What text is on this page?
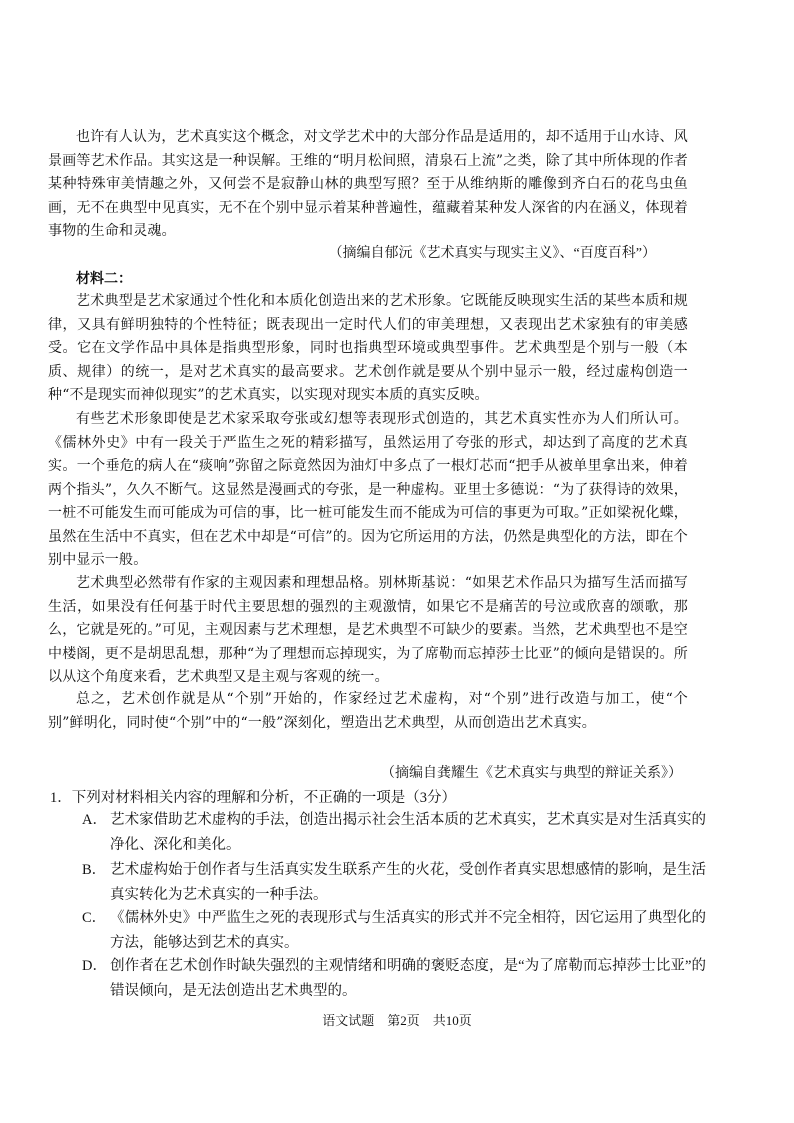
也许有人认为，艺术真实这个概念，对文学艺术中的大部分作品是适用的，却不适用于山水诗、风景画等艺术作品。其实这是一种误解。王维的“明月松间照，清泉石上流”之类，除了其中所体现的作者某种特殊审美情趣之外，又何尝不是寂静山林的典型写照？至于从维纳斯的雕像到齐白石的花鸟虫鱼画，无不在典型中见真实，无不在个别中显示着某种普遍性，蕴藏着某种发人深省的内在涵义，体现着事物的生命和灵魂。

（摘编自郁沅《艺术真实与现实主义》、“百度百科”）
材料二：

艺术典型是艺术家通过个性化和本质化创造出来的艺术形象。它既能反映现实生活的某些本质和规律，又具有鲜明独特的个性特征；既表现出一定时代人们的审美理想，又表现出艺术家独有的审美感受。它在文学作品中具体是指典型形象，同时也指典型环境或典型事件。艺术典型是个别与一般（本质、规律）的统一，是对艺术真实的最高要求。艺术创作就是要从个别中显示一般，经过虚构创造一种“不是现实而神似现实”的艺术真实，以实现对现实本质的真实反映。

有些艺术形象即使是艺术家采取夸张或幻想等表现形式创造的，其艺术真实性亦为人们所认可。《儒林外史》中有一段关于严监生之死的精彩描写，虽然运用了夸张的形式，却达到了高度的艺术真实。一个垂危的病人在“痰响”弥留之际竟然因为油灯中多点了一根灯芯而“把手从被单里拿出来，伸着两个指头”，久久不断气。这显然是漫画式的夸张，是一种虚构。亚里士多德说：“为了获得诗的效果，一桩不可能发生而可能成为可信的事，比一桩可能发生而不能成为可信的事更为可取。”正如梁祝化蝶，虽然在生活中不真实，但在艺术中却是“可信”的。因为它所运用的方法，仍然是典型化的方法，即在个别中显示一般。

艺术典型必然带有作家的主观因素和理想品格。别林斯基说：“如果艺术作品只为描写生活而描写生活，如果没有任何基于时代主要思想的强烈的主观激情，如果它不是痛苦的号泣或欣喜的颂歌，那么，它就是死的。”可见，主观因素与艺术理想，是艺术典型不可缺少的要素。当然，艺术典型也不是空中楼阁，更不是胡思乱想，那种“为了理想而忘掉现实，为了席勒而忘掉莎士比亚”的倾向是错误的。所以从这个角度来看，艺术典型又是主观与客观的统一。

总之，艺术创作就是从“个别”开始的，作家经过艺术虚构，对“个别”进行改造与加工，使“个别”鲜明化，同时使“个别”中的“一般”深刻化，塑造出艺术典型，从而创造出艺术真实。

（摘编自龚耀生《艺术真实与典型的辩证关系》）
1．下列对材料相关内容的理解和分析，不正确的一项是（3分）
A． 艺术家借助艺术虚构的手法，创造出揭示社会生活本质的艺术真实，艺术真实是对生活真实的净化、深化和美化。
B． 艺术虚构始于创作者与生活真实发生联系产生的火花，受创作者真实思想感情的影响，是生活真实转化为艺术真实的一种手法。
C． 《儒林外史》中严监生之死的表现形式与生活真实的形式并不完全相符，因它运用了典型化的方法，能够达到艺术的真实。
D． 创作者在艺术创作时缺失强烈的主观情绪和明确的褒贬态度，是“为了席勒而忘掉莎士比亚”的错误倾向，是无法创造出艺术典型的。
语文试题　第2页　共10页
